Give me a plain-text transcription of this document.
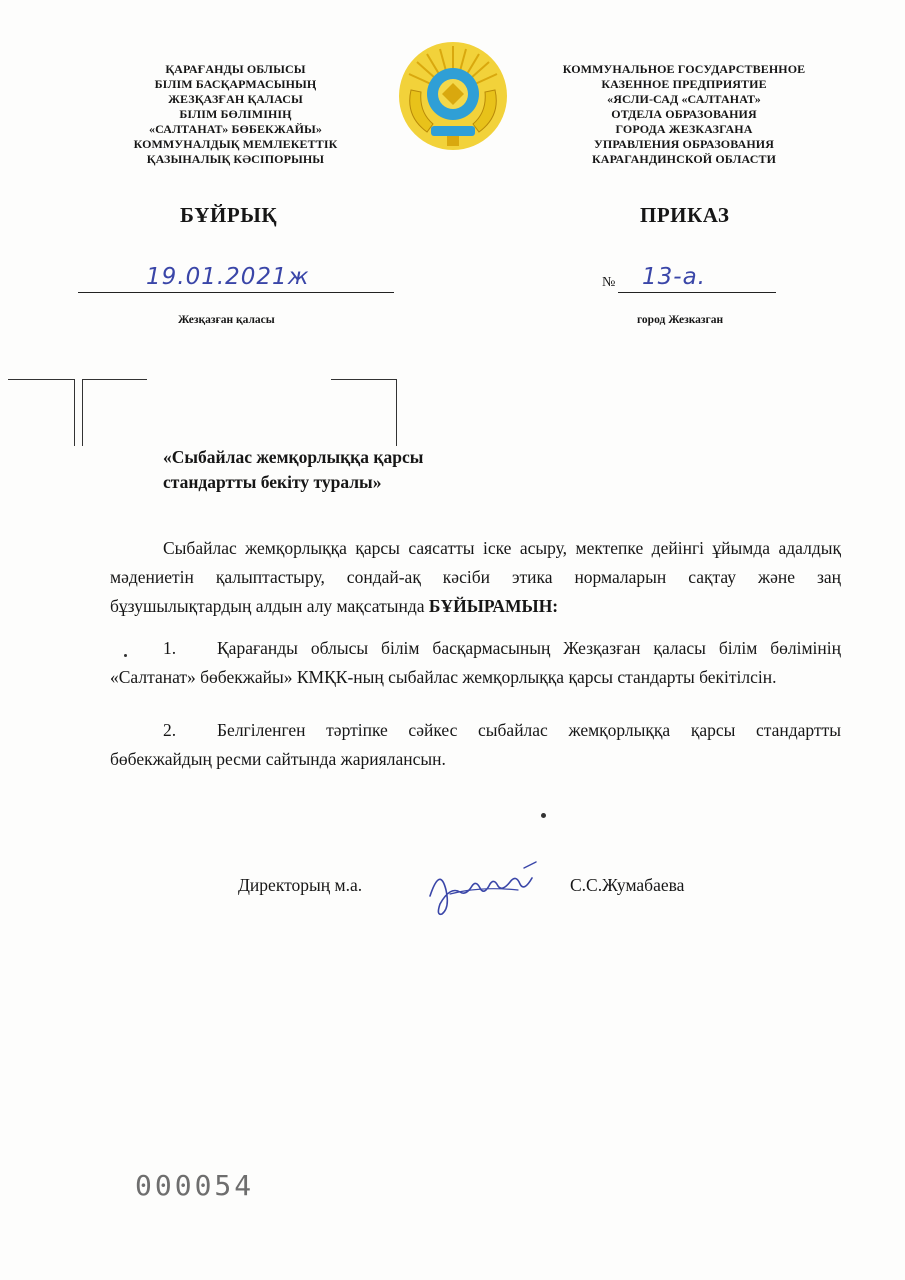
ҚАРАҒАНДЫ ОБЛЫСЫ
БІЛІМ БАСҚАРМАСЫНЫҢ
ЖЕЗҚАЗҒАН ҚАЛАСЫ
БІЛІМ БӨЛІМІНІҢ
«САЛТАНАТ» БӨБЕКЖАЙЫ»
КОММУНАЛДЫҚ МЕМЛЕКЕТТІК
ҚАЗЫНАЛЫҚ КӘСІПОРЫНЫ
КОММУНАЛЬНОЕ ГОСУДАРСТВЕННОЕ
КАЗЕННОЕ ПРЕДПРИЯТИЕ
«ЯСЛИ-САД «САЛТАНАТ»
ОТДЕЛА ОБРАЗОВАНИЯ
ГОРОДА ЖЕЗКАЗГАНА
УПРАВЛЕНИЯ ОБРАЗОВАНИЯ
КАРАГАНДИНСКОЙ ОБЛАСТИ
БҰЙРЫҚ	ПРИКАЗ
19.01.2021ж	№ 13-а.
Жезқазған қаласы	город Жезказган
«Сыбайлас жемқорлыққа қарсы
стандартты бекіту туралы»
Сыбайлас жемқорлыққа қарсы саясатты іске асыру, мектепке дейінгі ұйымда адалдық мәдениетін қалыптастыру, сондай-ақ кәсіби этика нормаларын сақтау және заң бұзушылықтардың алдын алу мақсатында БҰЙЫРАМЫН:
1. Қарағанды облысы білім басқармасының Жезқазған қаласы білім бөлімінің «Салтанат» бөбекжайы» КМҚК-ның сыбайлас жемқорлыққа қарсы стандарты бекітілсін.
2. Белгіленген тәртіпке сәйкес сыбайлас жемқорлыққа қарсы стандартты бөбекжайдың ресми сайтында жариялансын.
Директорың м.а.	С.С.Жумабаева
000054
